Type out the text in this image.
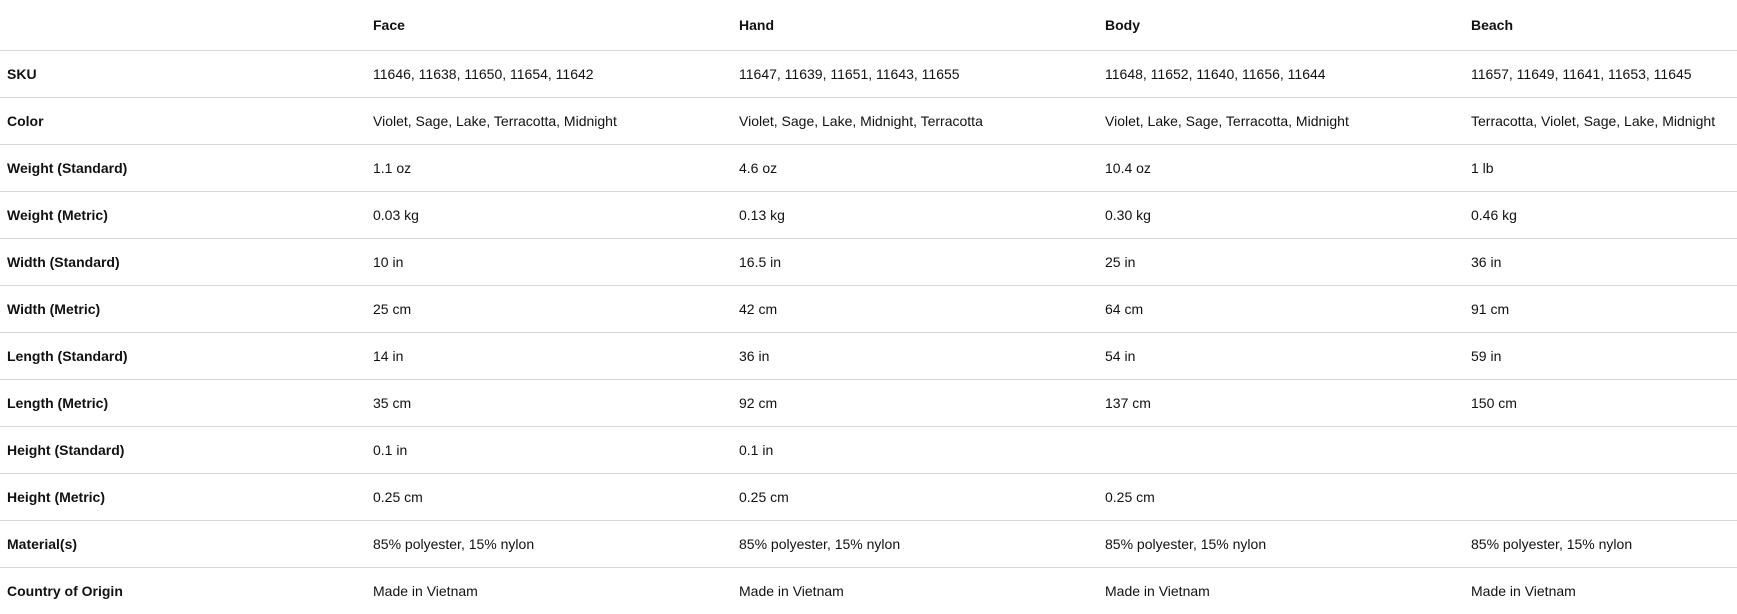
	Face	Hand	Body	Beach
SKU	11646, 11638, 11650, 11654, 11642	11647, 11639, 11651, 11643, 11655	11648, 11652, 11640, 11656, 11644	11657, 11649, 11641, 11653, 11645
Color	Violet, Sage, Lake, Terracotta, Midnight	Violet, Sage, Lake, Midnight, Terracotta	Violet, Lake, Sage, Terracotta, Midnight	Terracotta, Violet, Sage, Lake, Midnight
Weight (Standard)	1.1 oz	4.6 oz	10.4 oz	1 lb
Weight (Metric)	0.03 kg	0.13 kg	0.30 kg	0.46 kg
Width (Standard)	10 in	16.5 in	25 in	36 in
Width (Metric)	25 cm	42 cm	64 cm	91 cm
Length (Standard)	14 in	36 in	54 in	59 in
Length (Metric)	35 cm	92 cm	137 cm	150 cm
Height (Standard)	0.1 in	0.1 in		
Height (Metric)	0.25 cm	0.25 cm	0.25 cm	
Material(s)	85% polyester, 15% nylon	85% polyester, 15% nylon	85% polyester, 15% nylon	85% polyester, 15% nylon
Country of Origin	Made in Vietnam	Made in Vietnam	Made in Vietnam	Made in Vietnam
